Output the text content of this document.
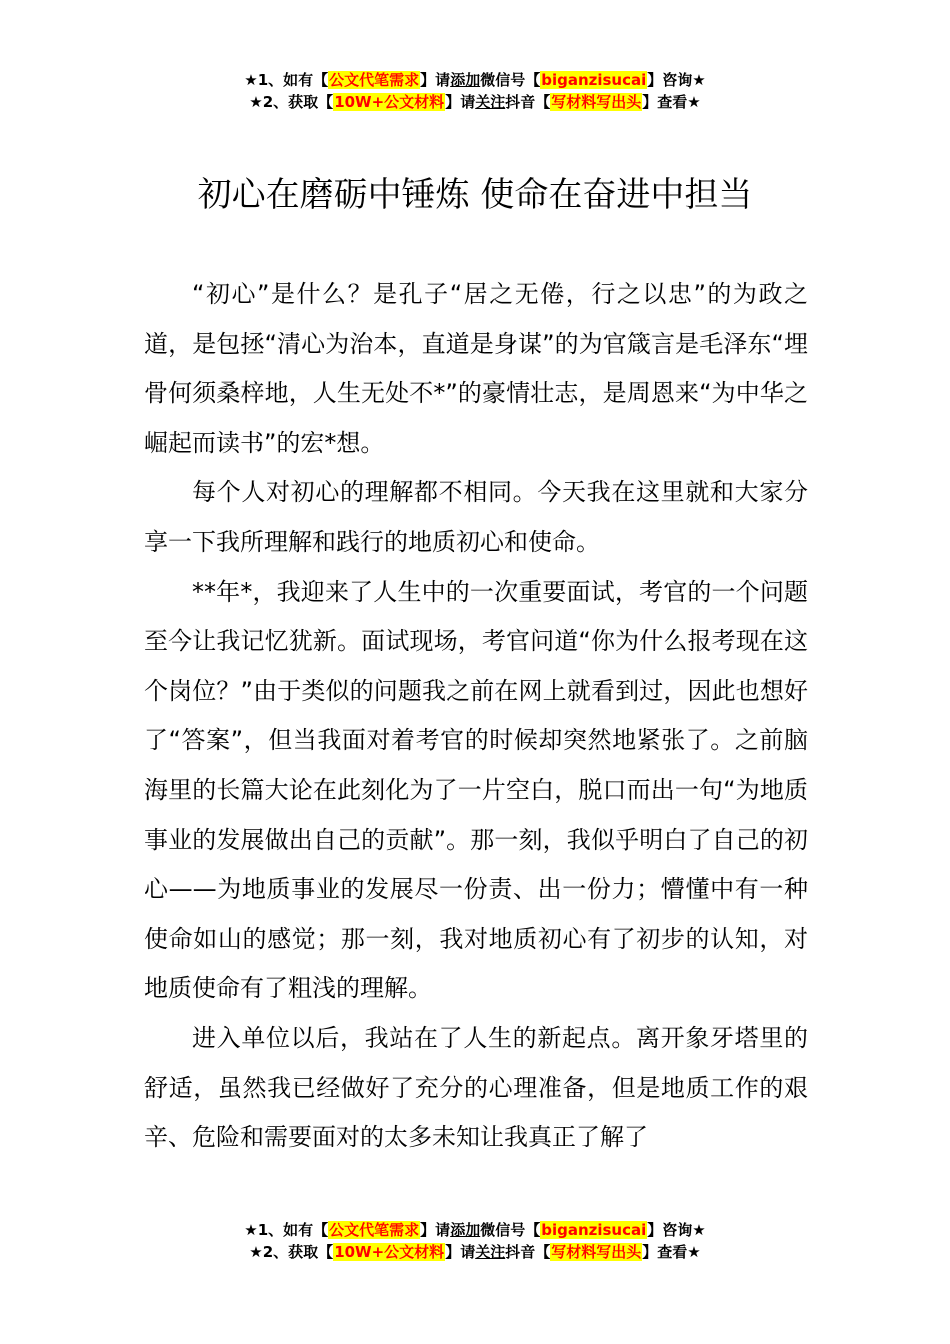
★1、如有【公文代笔需求】请添加微信号【biganzisucai】咨询★
★2、获取【10W+公文材料】请关注抖音【写材料写出头】查看★
初心在磨砺中锤炼 使命在奋进中担当

“初心”是什么？是孔子“居之无倦，行之以忠”的为政之道，是包拯“清心为治本，直道是身谋”的为官箴言是毛泽东“埋骨何须桑梓地，人生无处不*”的豪情壮志，是周恩来“为中华之崛起而读书”的宏*想。

每个人对初心的理解都不相同。今天我在这里就和大家分享一下我所理解和践行的地质初心和使命。

**年*，我迎来了人生中的一次重要面试，考官的一个问题至今让我记忆犹新。面试现场，考官问道“你为什么报考现在这个岗位？”由于类似的问题我之前在网上就看到过，因此也想好了“答案”，但当我面对着考官的时候却突然地紧张了。之前脑海里的长篇大论在此刻化为了一片空白，脱口而出一句“为地质事业的发展做出自己的贡献”。那一刻，我似乎明白了自己的初心——为地质事业的发展尽一份责、出一份力；懵懂中有一种使命如山的感觉；那一刻，我对地质初心有了初步的认知，对地质使命有了粗浅的理解。

进入单位以后，我站在了人生的新起点。离开象牙塔里的舒适，虽然我已经做好了充分的心理准备，但是地质工作的艰辛、危险和需要面对的太多未知让我真正了解了

★1、如有【公文代笔需求】请添加微信号【biganzisucai】咨询★
★2、获取【10W+公文材料】请关注抖音【写材料写出头】查看★
